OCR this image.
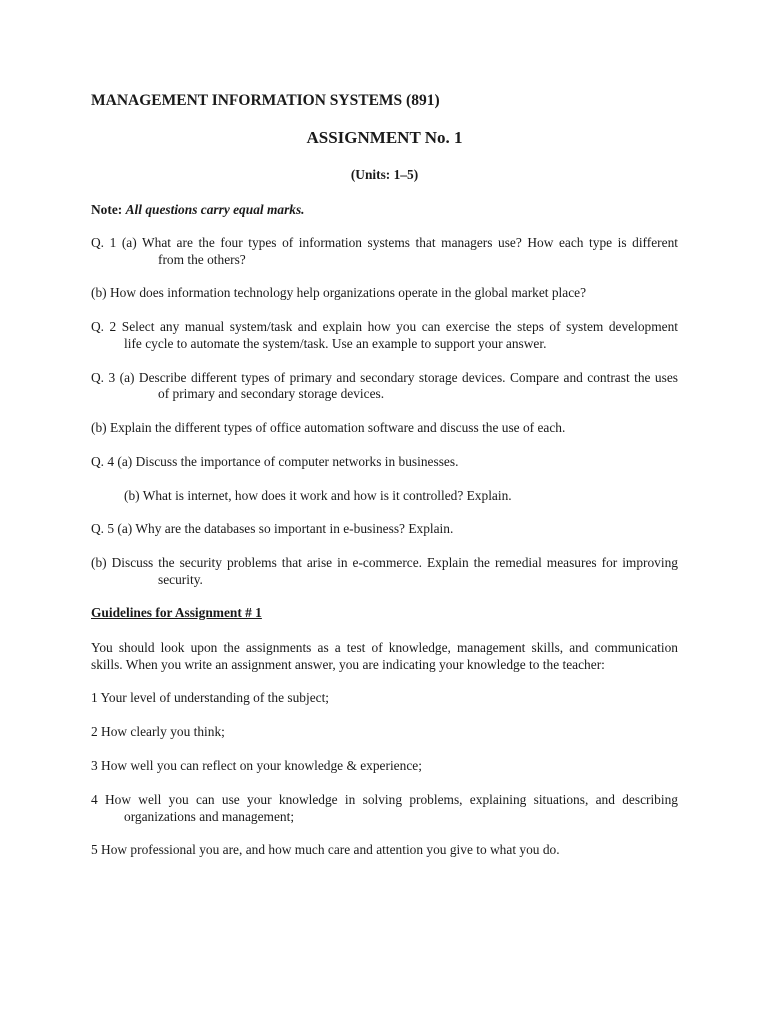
MANAGEMENT INFORMATION SYSTEMS (891)
ASSIGNMENT No. 1
(Units: 1–5)
Note: All questions carry equal marks.
Q. 1 (a) What are the four types of information systems that managers use? How each type is different
from the others?
(b) How does information technology help organizations operate in the global market place?
Q. 2 Select any manual system/task and explain how you can exercise the steps of system development
life cycle to automate the system/task. Use an example to support your answer.
Q. 3 (a) Describe different types of primary and secondary storage devices. Compare and contrast the uses
of primary and secondary storage devices.
(b) Explain the different types of office automation software and discuss the use of each.
Q. 4 (a) Discuss the importance of computer networks in businesses.
(b) What is internet, how does it work and how is it controlled? Explain.
Q. 5 (a) Why are the databases so important in e-business? Explain.
(b) Discuss the security problems that arise in e-commerce. Explain the remedial measures for improving
security.
Guidelines for Assignment # 1
You should look upon the assignments as a test of knowledge, management skills, and communication
skills. When you write an assignment answer, you are indicating your knowledge to the teacher:
1 Your level of understanding of the subject;
2 How clearly you think;
3 How well you can reflect on your knowledge & experience;
4 How well you can use your knowledge in solving problems, explaining situations, and describing
organizations and management;
5 How professional you are, and how much care and attention you give to what you do.
